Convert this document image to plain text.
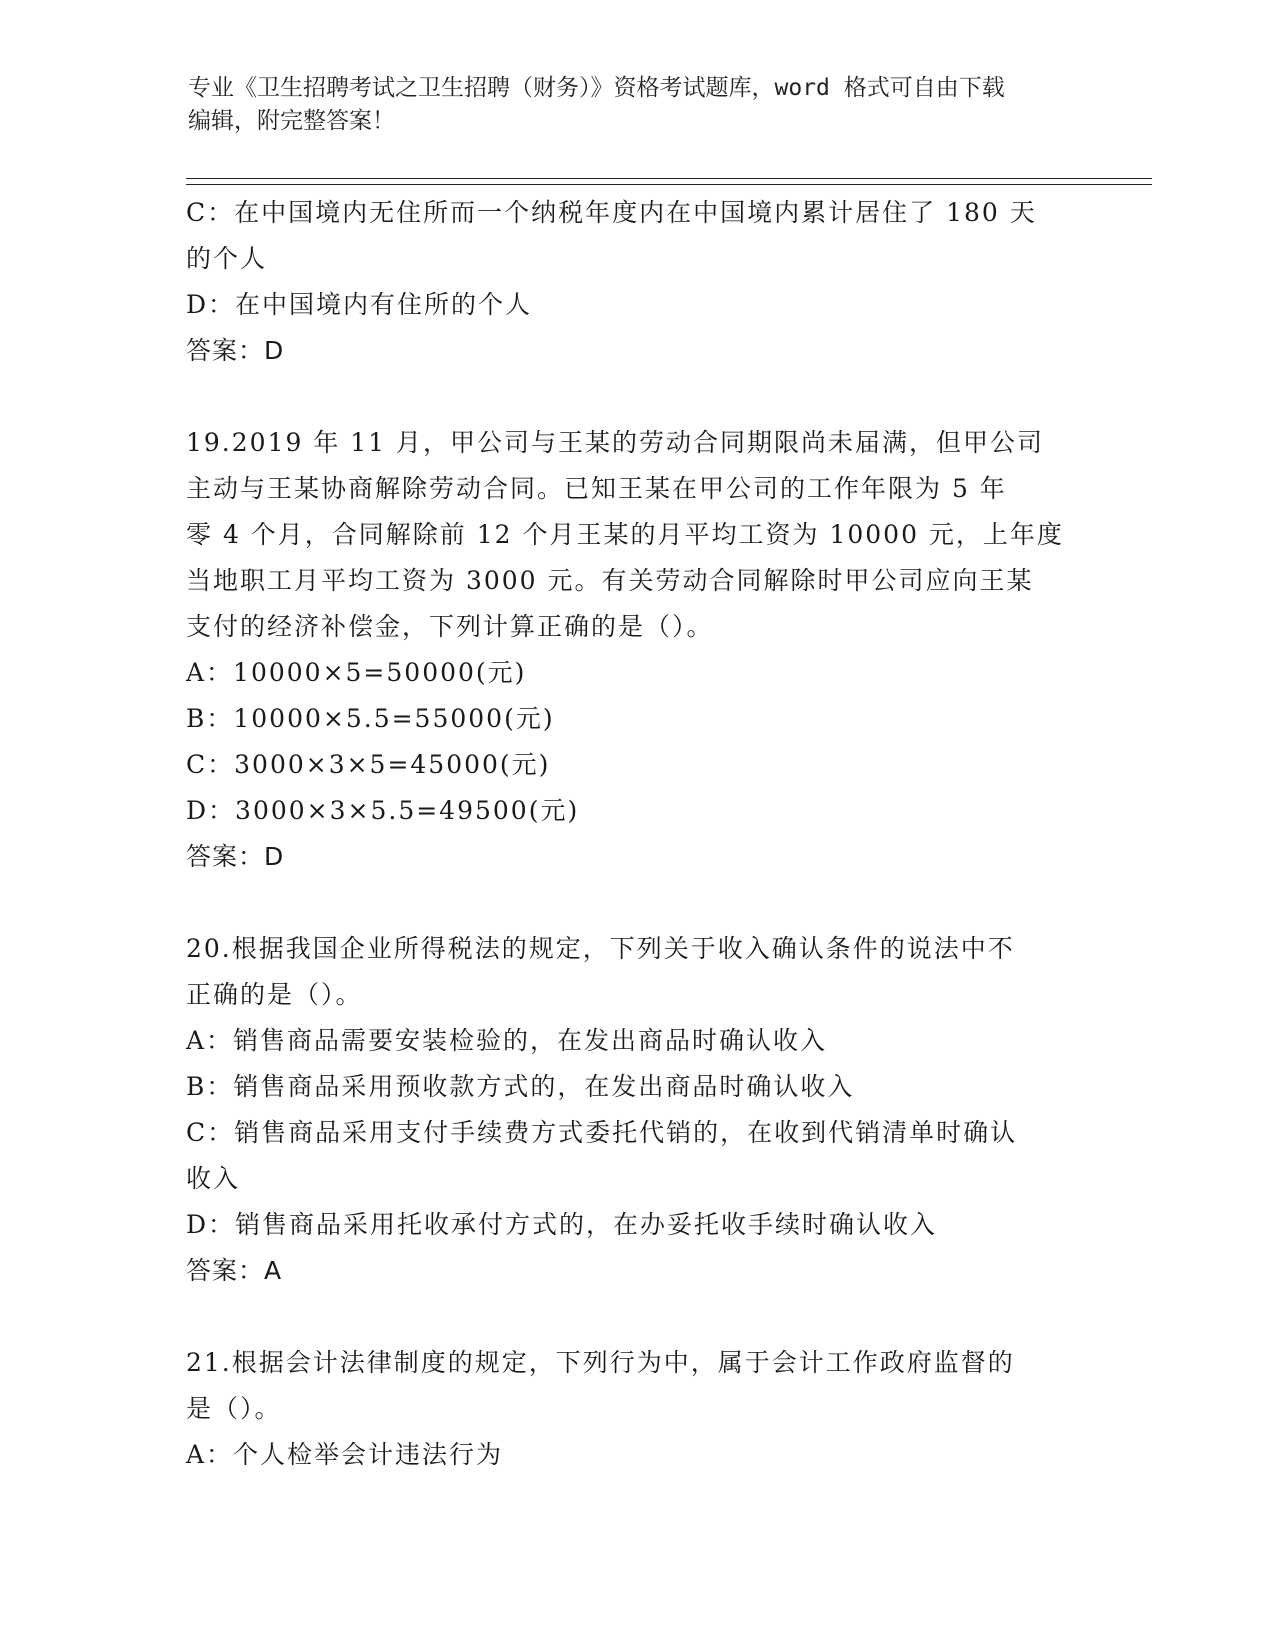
专业《卫生招聘考试之卫生招聘（财务）》资格考试题库，word 格式可自由下载
编辑，附完整答案！
C：在中国境内无住所而一个纳税年度内在中国境内累计居住了 180 天
的个人
D：在中国境内有住所的个人
答案：D
19.2019 年 11 月，甲公司与王某的劳动合同期限尚未届满，但甲公司
主动与王某协商解除劳动合同。已知王某在甲公司的工作年限为 5 年
零 4 个月，合同解除前 12 个月王某的月平均工资为 10000 元，上年度
当地职工月平均工资为 3000 元。有关劳动合同解除时甲公司应向王某
支付的经济补偿金，下列计算正确的是（）。
A：10000×5=50000(元)
B：10000×5.5=55000(元)
C：3000×3×5=45000(元)
D：3000×3×5.5=49500(元)
答案：D
20.根据我国企业所得税法的规定，下列关于收入确认条件的说法中不
正确的是（）。
A：销售商品需要安装检验的，在发出商品时确认收入
B：销售商品采用预收款方式的，在发出商品时确认收入
C：销售商品采用支付手续费方式委托代销的，在收到代销清单时确认
收入
D：销售商品采用托收承付方式的，在办妥托收手续时确认收入
答案：A
21.根据会计法律制度的规定，下列行为中，属于会计工作政府监督的
是（）。
A：个人检举会计违法行为
